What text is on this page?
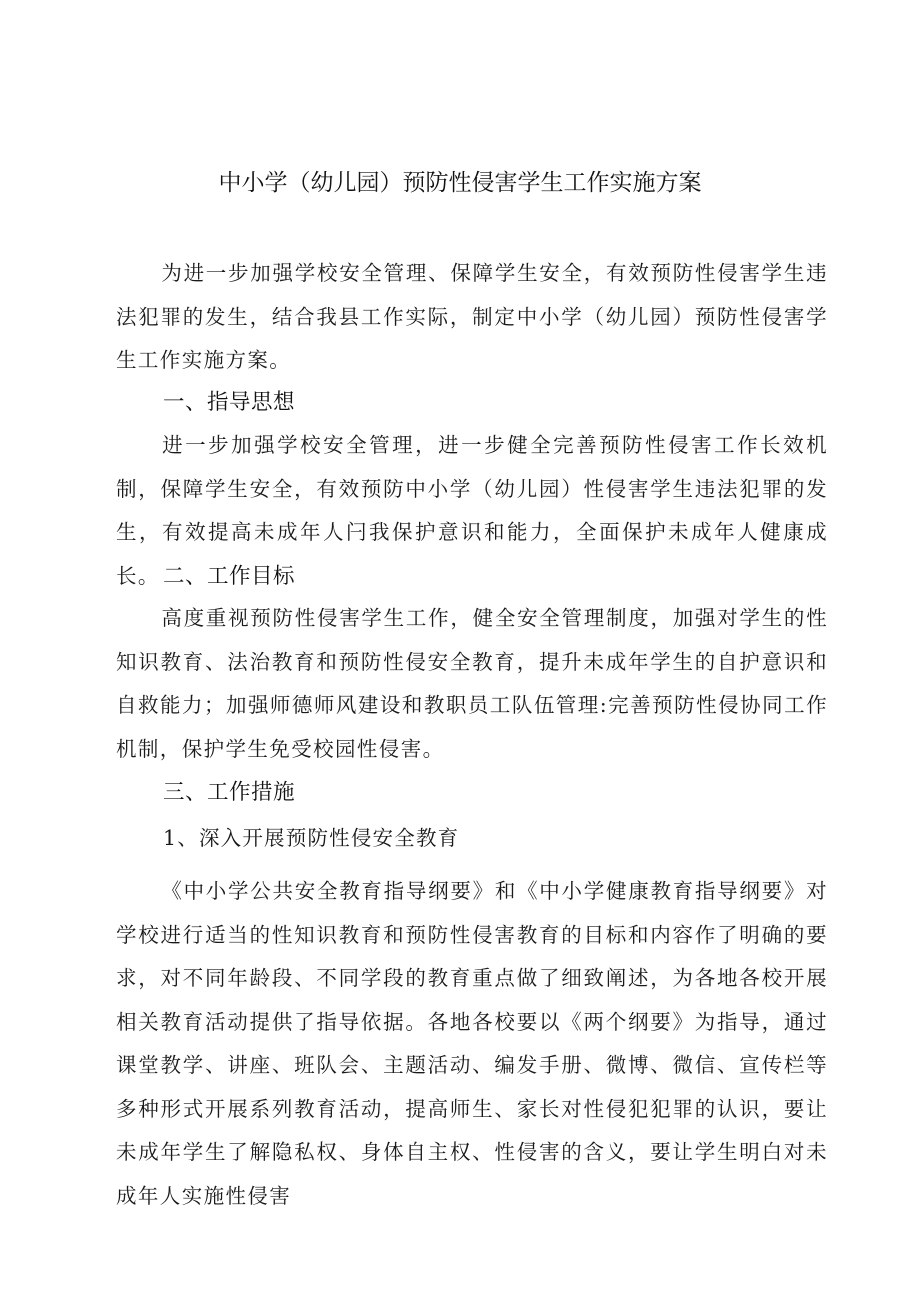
中小学（幼儿园）预防性侵害学生工作实施方案

为进一步加强学校安全管理、保障学生安全，有效预防性侵害学生违法犯罪的发生，结合我县工作实际，制定中小学（幼儿园）预防性侵害学生工作实施方案。

一、指导思想

进一步加强学校安全管理，进一步健全完善预防性侵害工作长效机制，保障学生安全，有效预防中小学（幼儿园）性侵害学生违法犯罪的发生，有效提高未成年人闩我保护意识和能力，全面保护未成年人健康成长。 二、工作目标

高度重视预防性侵害学生工作，健全安全管理制度，加强对学生的性知识教育、法治教育和预防性侵安全教育，提升未成年学生的自护意识和自救能力；加强师德师风建设和教职员工队伍管理:完善预防性侵协同工作机制，保护学生免受校园性侵害。

三、工作措施

1、深入开展预防性侵安全教育

《中小学公共安全教育指导纲要》和《中小学健康教育指导纲要》对学校进行适当的性知识教育和预防性侵害教育的目标和内容作了明确的要求，对不同年龄段、不同学段的教育重点做了细致阐述，为各地各校开展相关教育活动提供了指导依据。各地各校要以《两个纲要》为指导，通过课堂教学、讲座、班队会、主题活动、编发手册、微博、微信、宣传栏等多种形式开展系列教育活动，提高师生、家长对性侵犯犯罪的认识，要让未成年学生了解隐私权、身体自主权、性侵害的含义，要让学生明白对未成年人实施性侵害
